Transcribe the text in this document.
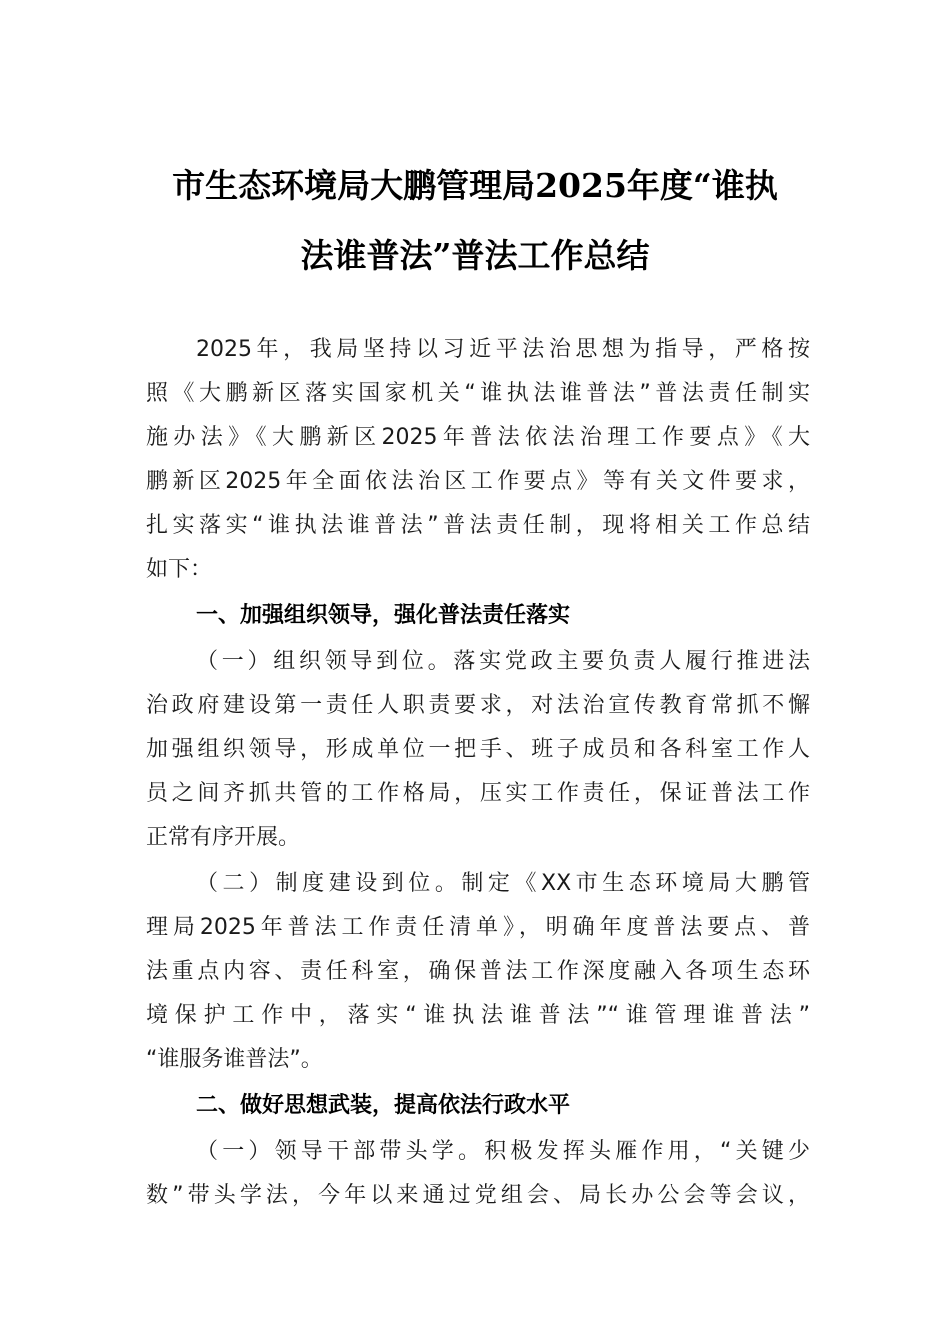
市生态环境局大鹏管理局2025年度“谁执
法谁普法”普法工作总结
2025年，我局坚持以习近平法治思想为指导，严格按
照《大鹏新区落实国家机关“谁执法谁普法”普法责任制实
施办法》《大鹏新区2025年普法依法治理工作要点》《大
鹏新区2025年全面依法治区工作要点》等有关文件要求，
扎实落实“谁执法谁普法”普法责任制，现将相关工作总结
如下：
一、加强组织领导，强化普法责任落实
（一）组织领导到位。落实党政主要负责人履行推进法
治政府建设第一责任人职责要求，对法治宣传教育常抓不懈
加强组织领导，形成单位一把手、班子成员和各科室工作人
员之间齐抓共管的工作格局，压实工作责任，保证普法工作
正常有序开展。
（二）制度建设到位。制定《XX市生态环境局大鹏管
理局2025年普法工作责任清单》，明确年度普法要点、普
法重点内容、责任科室，确保普法工作深度融入各项生态环
境保护工作中，落实“谁执法谁普法”“谁管理谁普法”
“谁服务谁普法”。
二、做好思想武装，提高依法行政水平
（一）领导干部带头学。积极发挥头雁作用，“关键少
数”带头学法，今年以来通过党组会、局长办公会等会议，
